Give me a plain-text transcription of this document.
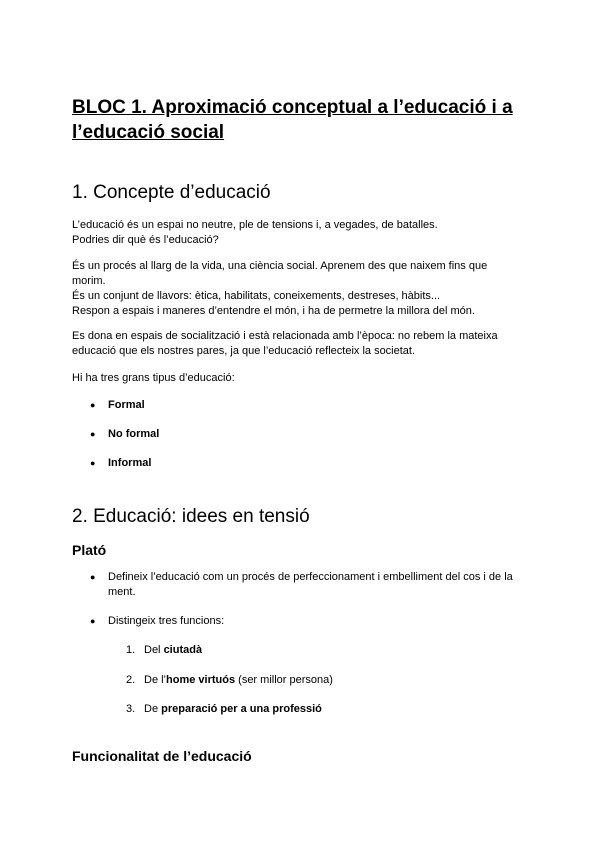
BLOC 1. Aproximació conceptual a l’educació i a
l’educació social
1. Concepte d’educació
L’educació és un espai no neutre, ple de tensions i, a vegades, de batalles.
Podries dir què és l’educació?
És un procés al llarg de la vida, una ciència social. Aprenem des que naixem fins que
morim.
És un conjunt de llavors: ètica, habilitats, coneixements, destreses, hàbits...
Respon a espais i maneres d’entendre el món, i ha de permetre la millora del món.
Es dona en espais de socialització i està relacionada amb l’època: no rebem la mateixa
educació que els nostres pares, ja que l’educació reflecteix la societat.
Hi ha tres grans tipus d’educació:
● Formal
● No formal
● Informal
2. Educació: idees en tensió
Plató
● Defineix l’educació com un procés de perfeccionament i embelliment del cos i de la
ment.
● Distingeix tres funcions:
1. Del ciutadà
2. De l’home virtuós (ser millor persona)
3. De preparació per a una professió
Funcionalitat de l’educació
